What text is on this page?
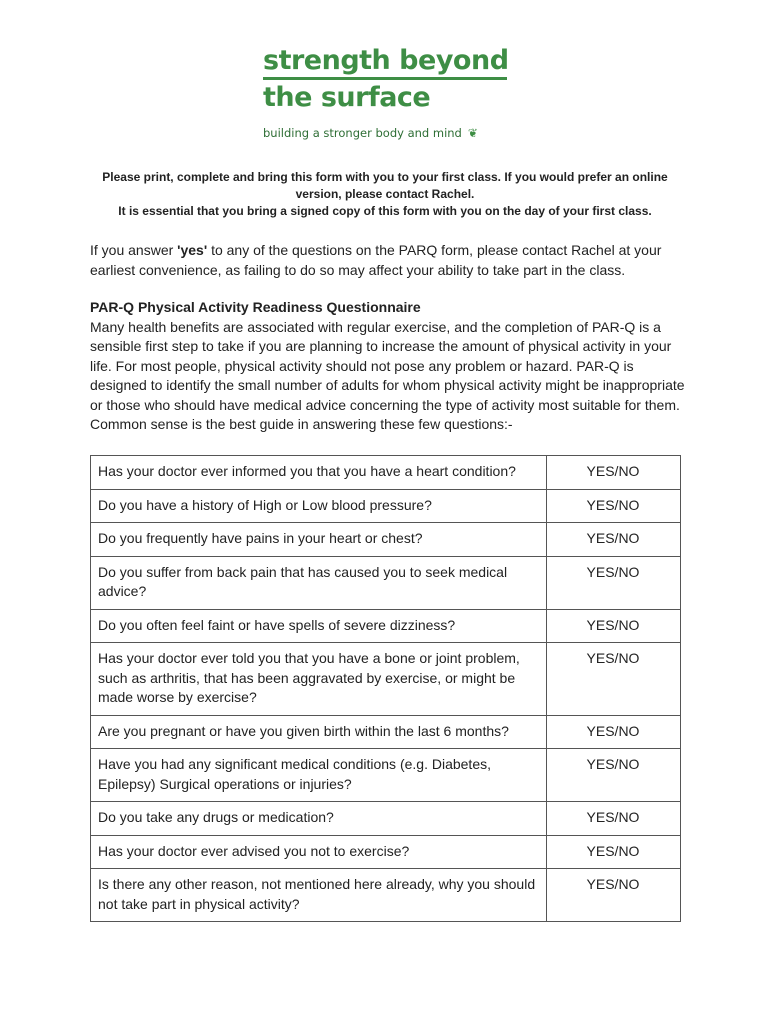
strength beyond
the surface
building a stronger body and mind ❦

Please print, complete and bring this form with you to your first class. If you would prefer an online version, please contact Rachel.

It is essential that you bring a signed copy of this form with you on the day of your first class.

If you answer 'yes' to any of the questions on the PARQ form, please contact Rachel at your earliest convenience, as failing to do so may affect your ability to take part in the class.
PAR-Q Physical Activity Readiness Questionnaire
Many health benefits are associated with regular exercise, and the completion of PAR-Q is a sensible first step to take if you are planning to increase the amount of physical activity in your life. For most people, physical activity should not pose any problem or hazard. PAR-Q is designed to identify the small number of adults for whom physical activity might be inappropriate or those who should have medical advice concerning the type of activity most suitable for them. Common sense is the best guide in answering these few questions:-
Has your doctor ever informed you that you have a heart condition?	YES/NO
Do you have a history of High or Low blood pressure?	YES/NO
Do you frequently have pains in your heart or chest?	YES/NO
Do you suffer from back pain that has caused you to seek medical advice?	YES/NO
Do you often feel faint or have spells of severe dizziness?	YES/NO
Has your doctor ever told you that you have a bone or joint problem, such as arthritis, that has been aggravated by exercise, or might be made worse by exercise?	YES/NO
Are you pregnant or have you given birth within the last 6 months?	YES/NO
Have you had any significant medical conditions (e.g. Diabetes, Epilepsy) Surgical operations or injuries?	YES/NO
Do you take any drugs or medication?	YES/NO
Has your doctor ever advised you not to exercise?	YES/NO
Is there any other reason, not mentioned here already, why you should not take part in physical activity?	YES/NO
